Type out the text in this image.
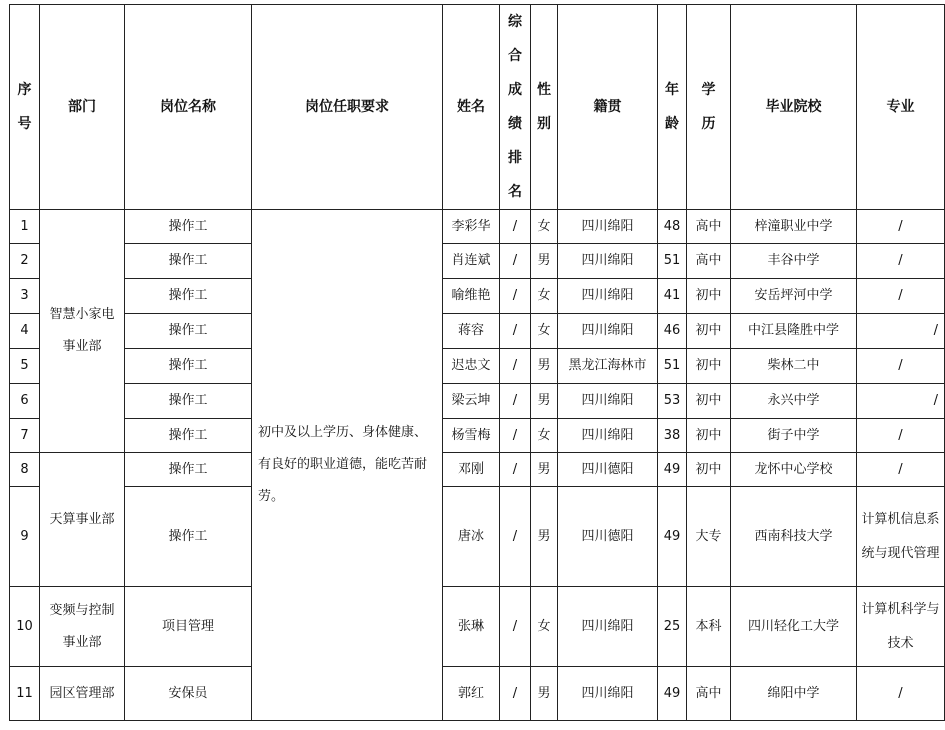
序号	部门	岗位名称	岗位任职要求	姓名	综合成绩排名	性别	籍贯	年龄	学历	毕业院校	专业
1	智慧小家电事业部	操作工	初中及以上学历、身体健康、有良好的职业道德，能吃苦耐劳。	李彩华	/	女	四川绵阳	48	高中	梓潼职业中学	/
2		操作工		肖连斌	/	男	四川绵阳	51	高中	丰谷中学	/
3		操作工		喻维艳	/	女	四川绵阳	41	初中	安岳坪河中学	/
4		操作工		蒋容	/	女	四川绵阳	46	初中	中江县隆胜中学	/
5		操作工		迟忠文	/	男	黑龙江海林市	51	初中	柴林二中	/
6		操作工		梁云坤	/	男	四川绵阳	53	初中	永兴中学	/
7		操作工		杨雪梅	/	女	四川绵阳	38	初中	街子中学	/
8	天算事业部	操作工		邓刚	/	男	四川德阳	49	初中	龙怀中心学校	/
9		操作工		唐冰	/	男	四川德阳	49	大专	西南科技大学	计算机信息系统与现代管理
10	变频与控制事业部	项目管理		张琳	/	女	四川绵阳	25	本科	四川轻化工大学	计算机科学与技术
11	园区管理部	安保员		郭红	/	男	四川绵阳	49	高中	绵阳中学	/
